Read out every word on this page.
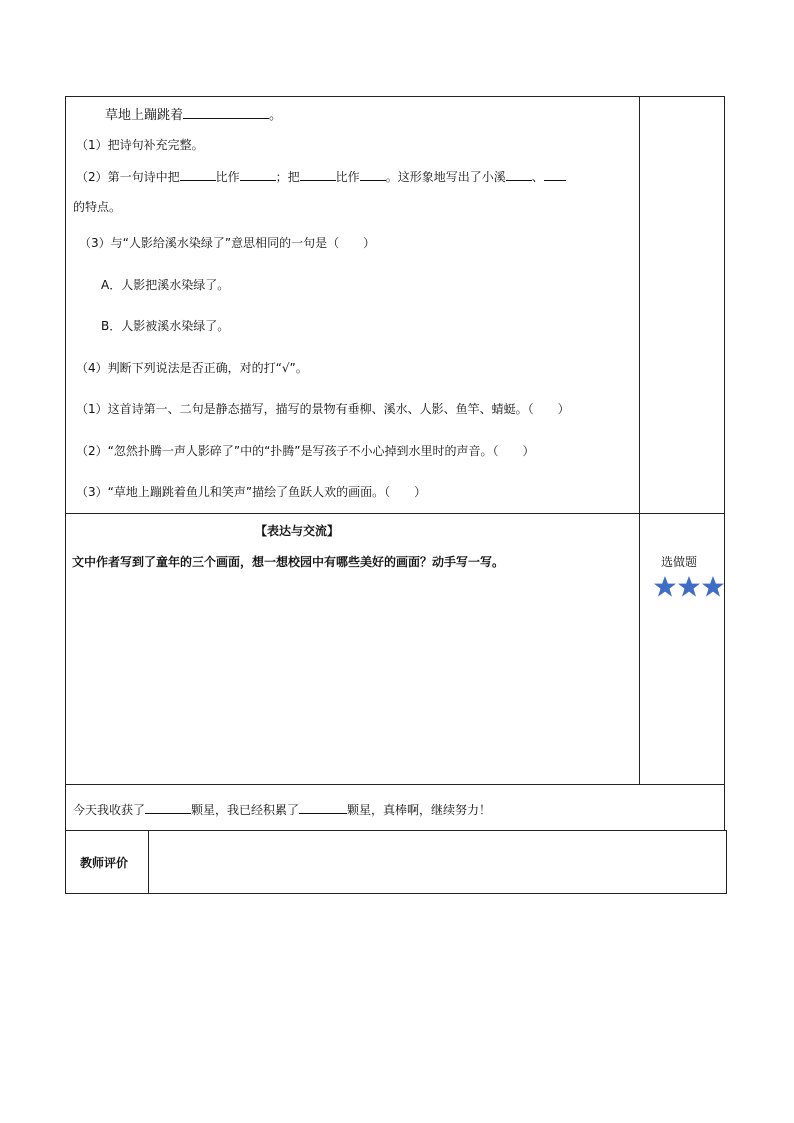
草地上蹦跳着	。
（1）把诗句补充完整。
（2）第一句诗中把	比作	；把	比作 。这形象地写出了小溪 、
的特点。
（3）与“人影给溪水染绿了”意思相同的一句是（　　）
A．人影把溪水染绿了。
B．人影被溪水染绿了。
（4）判断下列说法是否正确，对的打“√”。
（1）这首诗第一、二句是静态描写，描写的景物有垂柳、溪水、人影、鱼竿、蜻蜓。（　　）
（2）“忽然扑腾一声人影碎了”中的“扑腾”是写孩子不小心掉到水里时的声音。（　　）
（3）“草地上蹦跳着鱼儿和笑声”描绘了鱼跃人欢的画面。（　　）
【表达与交流】
文中作者写到了童年的三个画面，想一想校园中有哪些美好的画面？动手写一写。	选做题
今天我收获了	颗星，我已经积累了	颗星，真棒啊，继续努力！
教师评价
